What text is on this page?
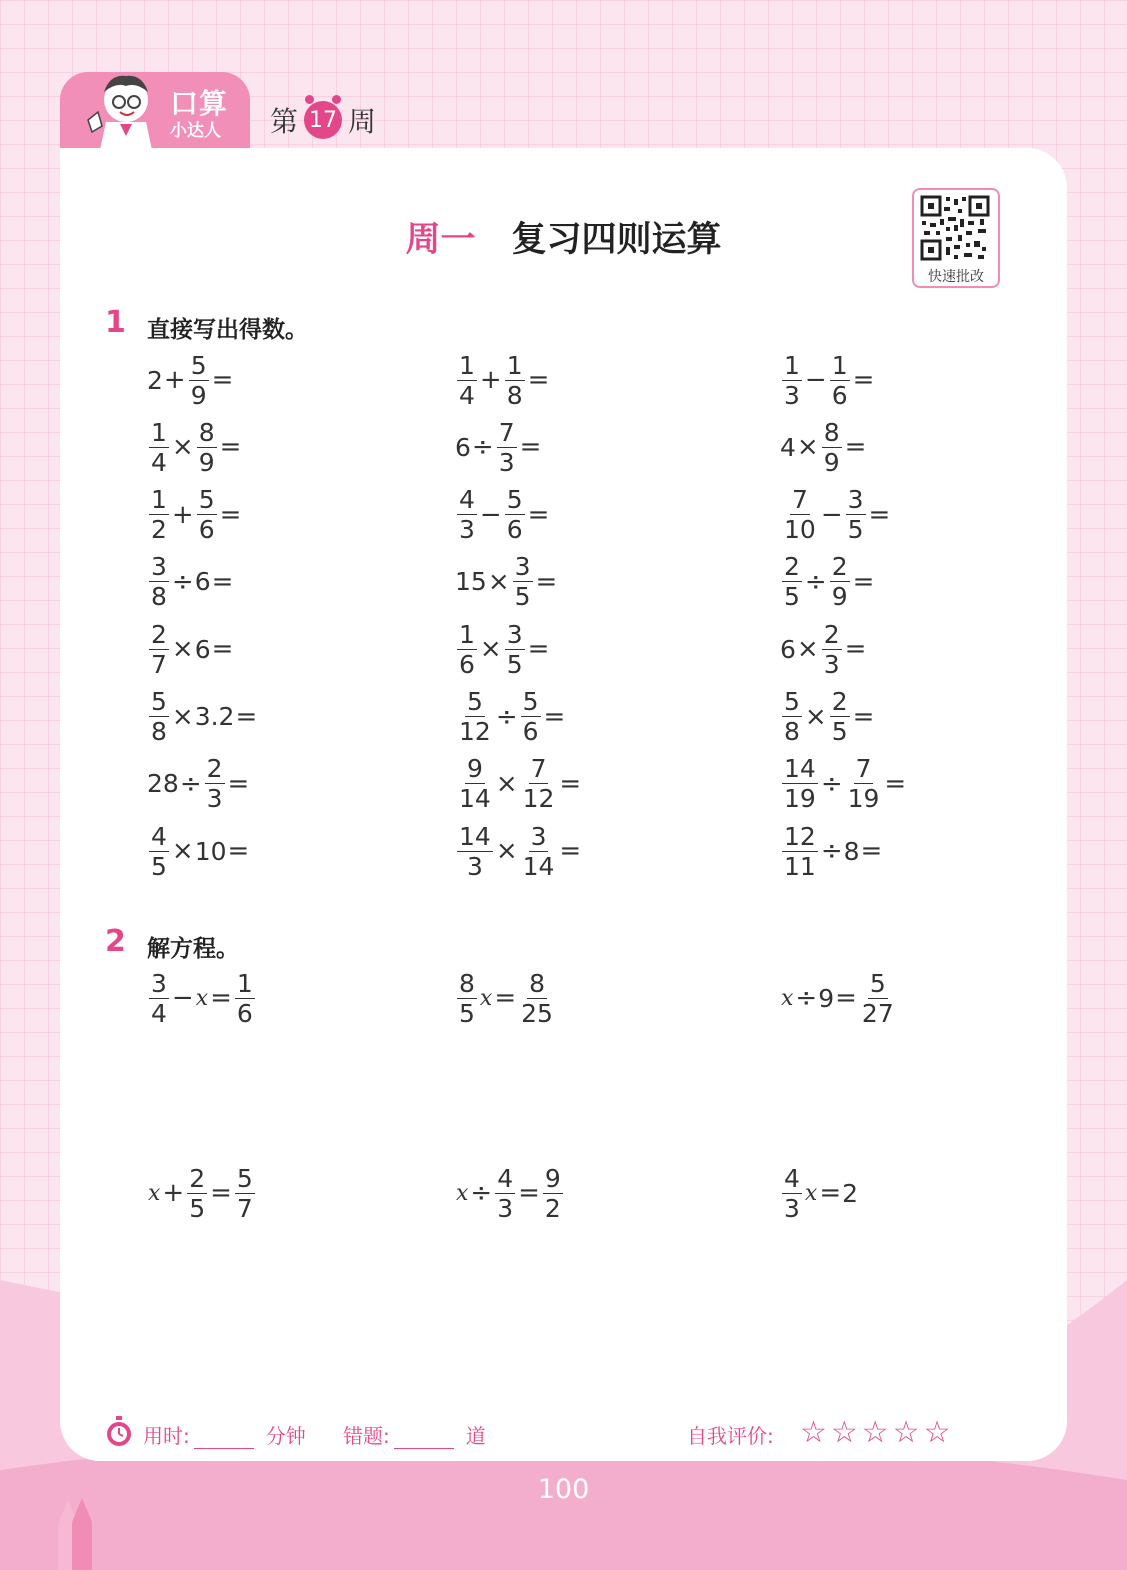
口算
小达人 第 17 周
周一 复习四则运算
快速批改
1 直接写出得数。
$2 + \frac{5}{9}$ =	$\frac{1}{4} + \frac{1}{8}$ =	$\frac{1}{3} - \frac{1}{6}$ =
$\frac{1}{4} \times \frac{8}{9}$ =	$6 \div \frac{7}{3}$ =	$4 \times \frac{8}{9}$ =
$\frac{1}{2} + \frac{5}{6}$ =	$\frac{4}{3} - \frac{5}{6}$ =	$\frac{7}{10} - \frac{3}{5}$ =
$\frac{3}{8} \div 6$ =	$15 \times \frac{3}{5}$ =	$\frac{2}{5} \div \frac{2}{9}$ =
$\frac{2}{7} \times 6$ =	$\frac{1}{6} \times \frac{3}{5}$ =	$6 \times \frac{2}{3}$ =
$\frac{5}{8} \times 3.2$ =	$\frac{5}{12} \div \frac{5}{6}$ =	$\frac{5}{8} \times \frac{2}{5}$ =
$28 \div \frac{2}{3}$ =	$\frac{9}{14} \times \frac{7}{12}$ =	$\frac{14}{19} \div \frac{7}{19}$ =
$\frac{4}{5} \times 10$ =	$\frac{14}{3} \times \frac{3}{14}$ =	$\frac{12}{11} \div 8$ =
2 解方程。
$\frac{3}{4} - x = \frac{1}{6}$	$\frac{8}{5}$ $x = \frac{8}{25}$	$x \div 9 = \frac{5}{27}$
$x + \frac{2}{5} = \frac{5}{7}$	$x \div \frac{4}{3} = \frac{9}{2}$	$\frac{4}{3}$ x = 2
用时:	分钟 错题:	道	自我评价: ☆☆☆☆☆
100
